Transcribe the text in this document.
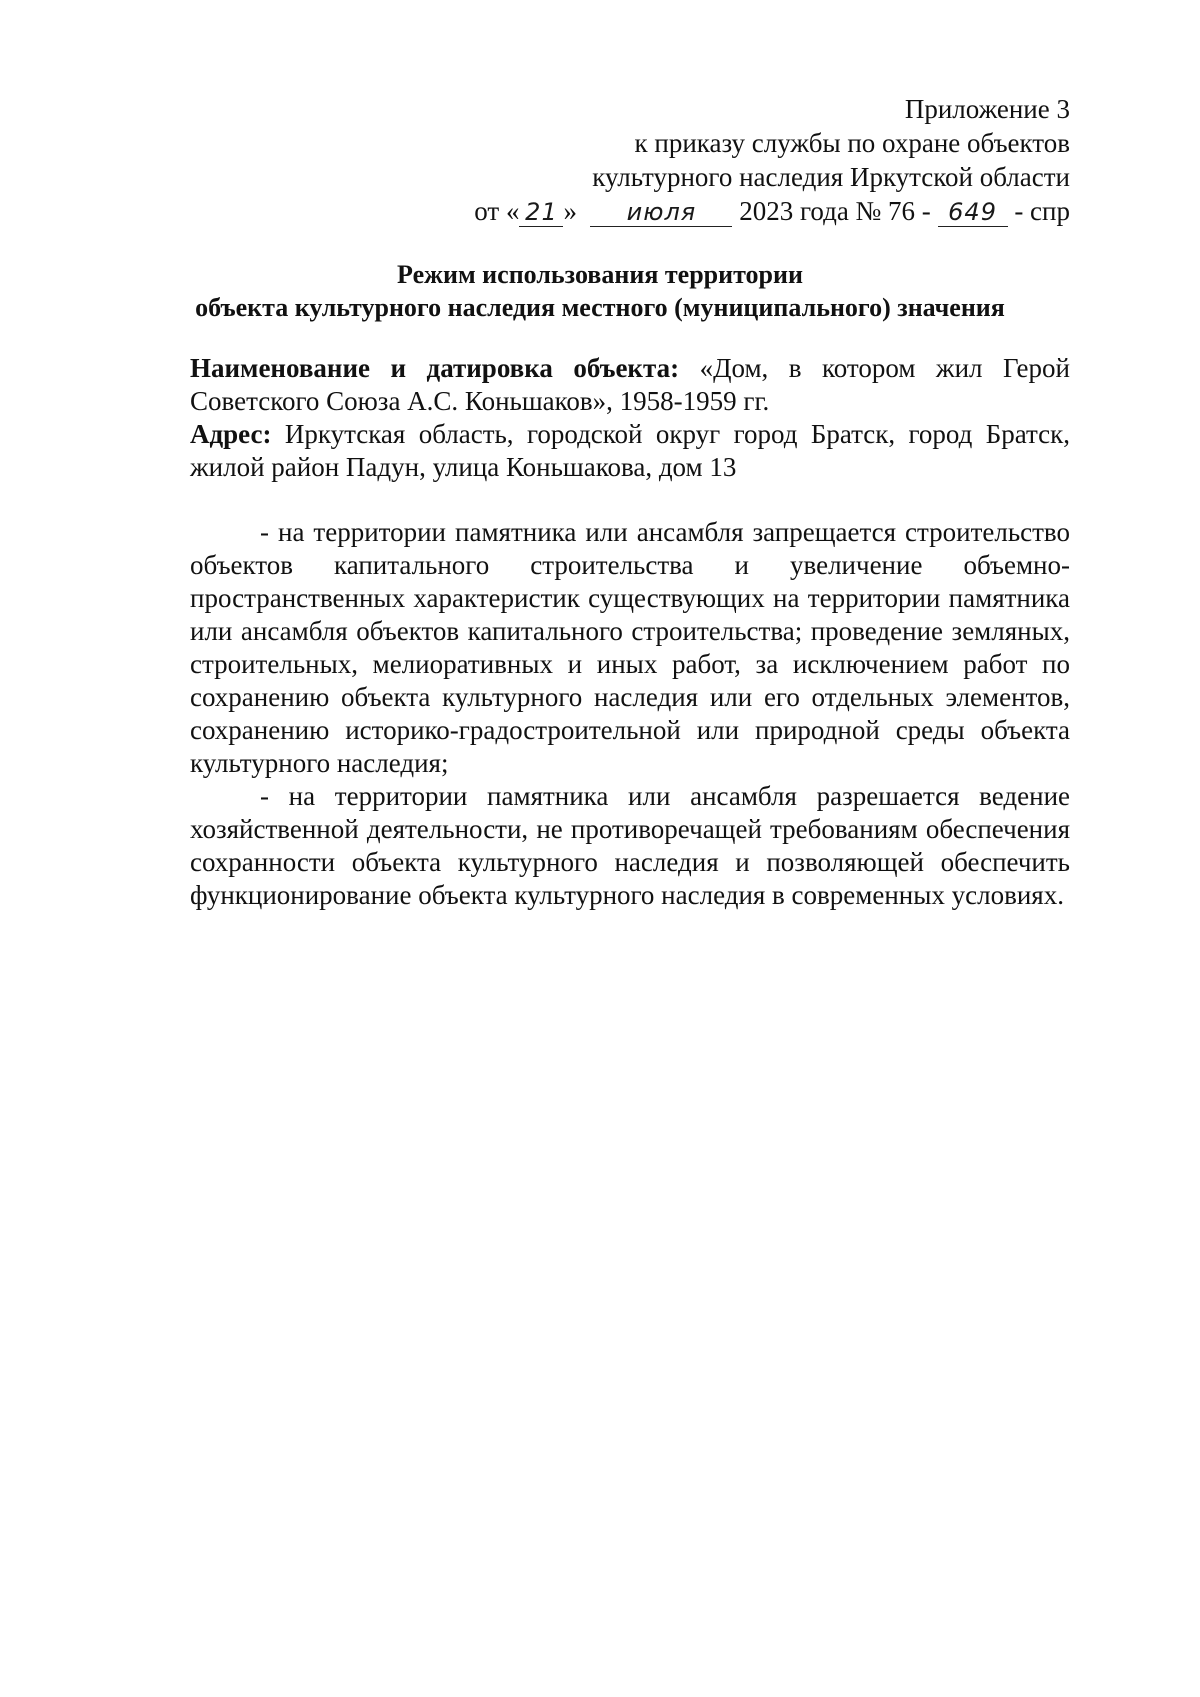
Приложение 3
к приказу службы по охране объектов
культурного наследия Иркутской области
от « 21 » июля 2023 года № 76 - 649 - спр
Режим использования территории
объекта культурного наследия местного (муниципального) значения

Наименование и датировка объекта: «Дом, в котором жил Герой Советского Союза А.С. Коньшаков», 1958-1959 гг.

Адрес: Иркутская область, городской округ город Братск, город Братск, жилой район Падун, улица Коньшакова, дом 13

- на территории памятника или ансамбля запрещается строительство объектов капитального строительства и увеличение объемно-пространственных характеристик существующих на территории памятника или ансамбля объектов капитального строительства; проведение земляных, строительных, мелиоративных и иных работ, за исключением работ по сохранению объекта культурного наследия или его отдельных элементов, сохранению историко-градостроительной или природной среды объекта культурного наследия;

- на территории памятника или ансамбля разрешается ведение хозяйственной деятельности, не противоречащей требованиям обеспечения сохранности объекта культурного наследия и позволяющей обеспечить функционирование объекта культурного наследия в современных условиях.
